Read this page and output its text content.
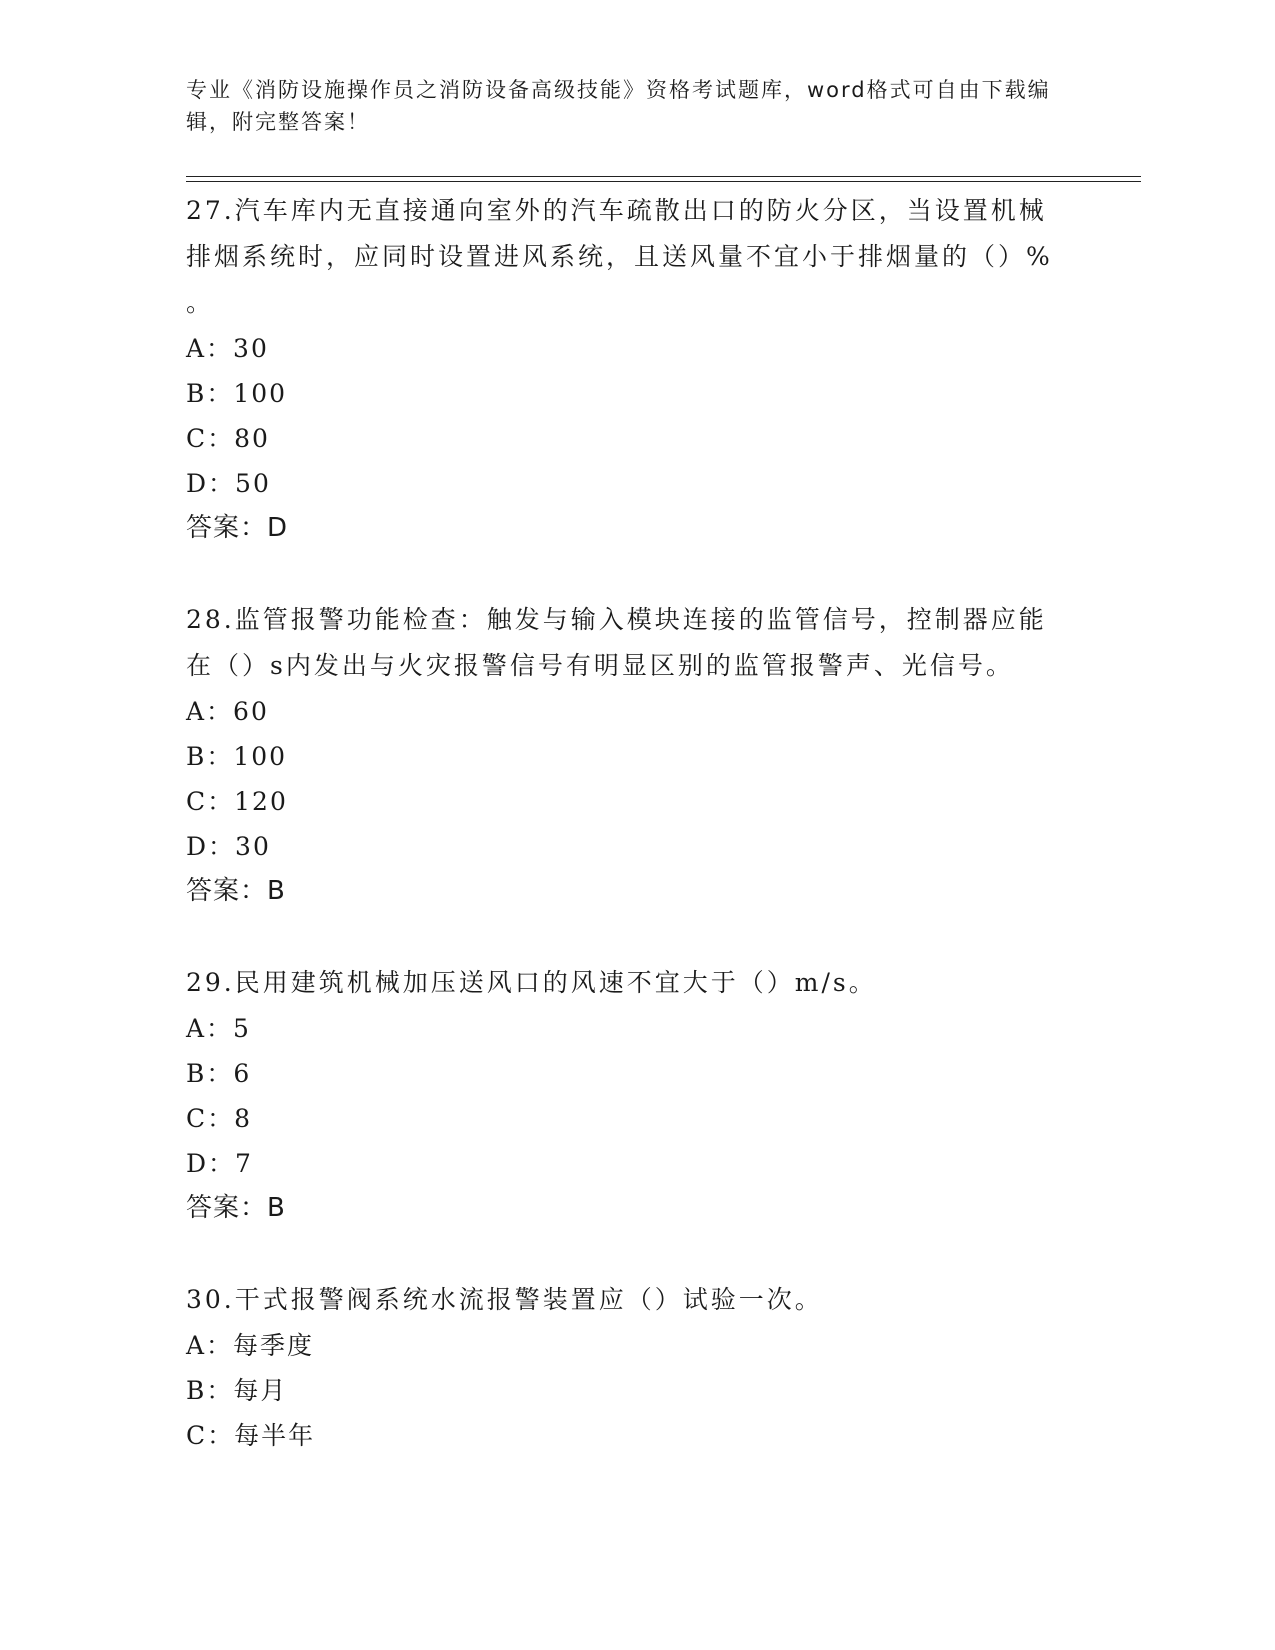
专业《消防设施操作员之消防设备高级技能》资格考试题库，word格式可自由下载编辑，附完整答案！
27.汽车库内无直接通向室外的汽车疏散出口的防火分区，当设置机械排烟系统时，应同时设置进风系统，且送风量不宜小于排烟量的（）%
。
A：30
B：100
C：80
D：50
答案：D
28.监管报警功能检查：触发与输入模块连接的监管信号，控制器应能在（）s内发出与火灾报警信号有明显区别的监管报警声、光信号。
A：60
B：100
C：120
D：30
答案：B
29.民用建筑机械加压送风口的风速不宜大于（）m/s。
A：5
B：6
C：8
D：7
答案：B
30.干式报警阀系统水流报警装置应（）试验一次。
A：每季度
B：每月
C：每半年
